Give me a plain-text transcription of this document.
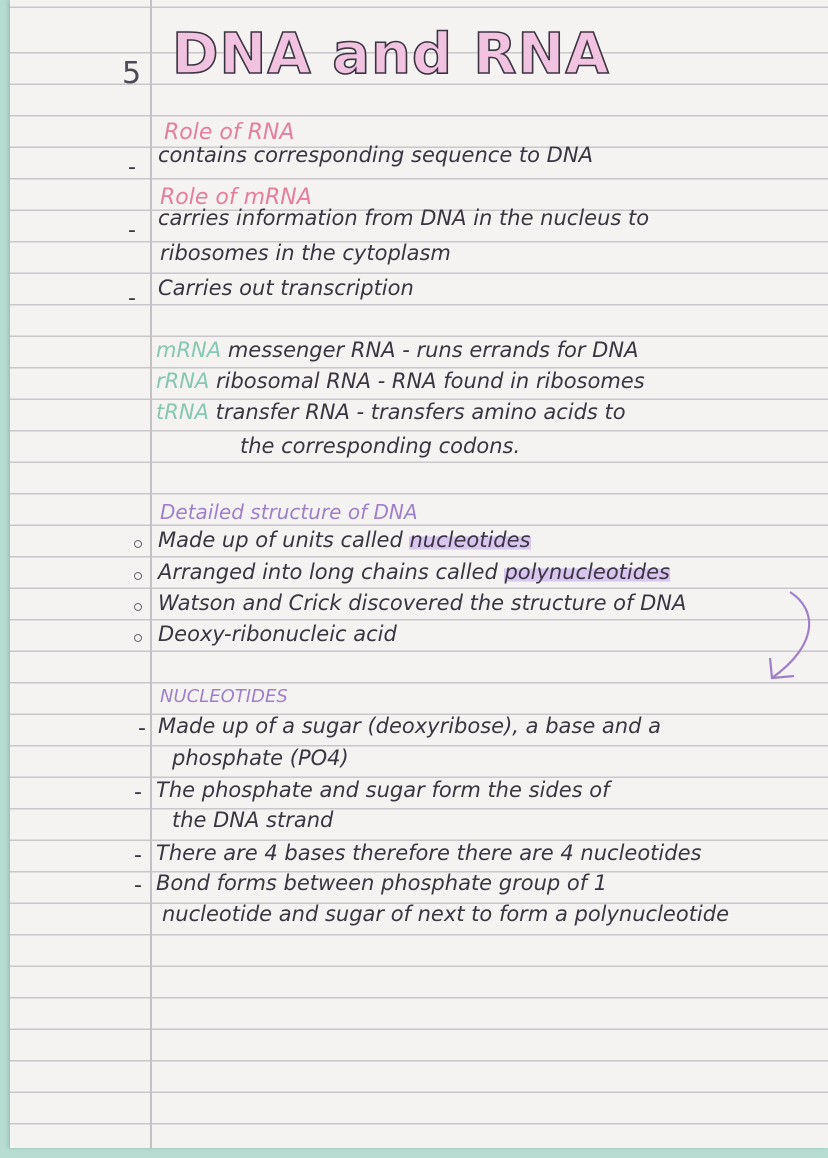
5 DNA and RNA
Role of RNA
- contains corresponding sequence to DNA
Role of mRNA
- carries information from DNA in the nucleus to
ribosomes in the cytoplasm
- Carries out transcription
mRNA messenger RNA - runs errands for DNA
rRNA ribosomal RNA - RNA found in ribosomes
tRNA transfer RNA - transfers amino acids to
the corresponding codons.
Detailed structure of DNA
Made up of units called nucleotides
Arranged into long chains called polynucleotides
Watson and Crick discovered the structure of DNA
Deoxy-ribonucleic acid
NUCLEOTIDES
- Made up of a sugar (deoxyribose), a base and a
phosphate (PO4)
- The phosphate and sugar form the sides of
the DNA strand
- There are 4 bases therefore there are 4 nucleotides
- Bond forms between phosphate group of 1
nucleotide and sugar of next to form a polynucleotide
